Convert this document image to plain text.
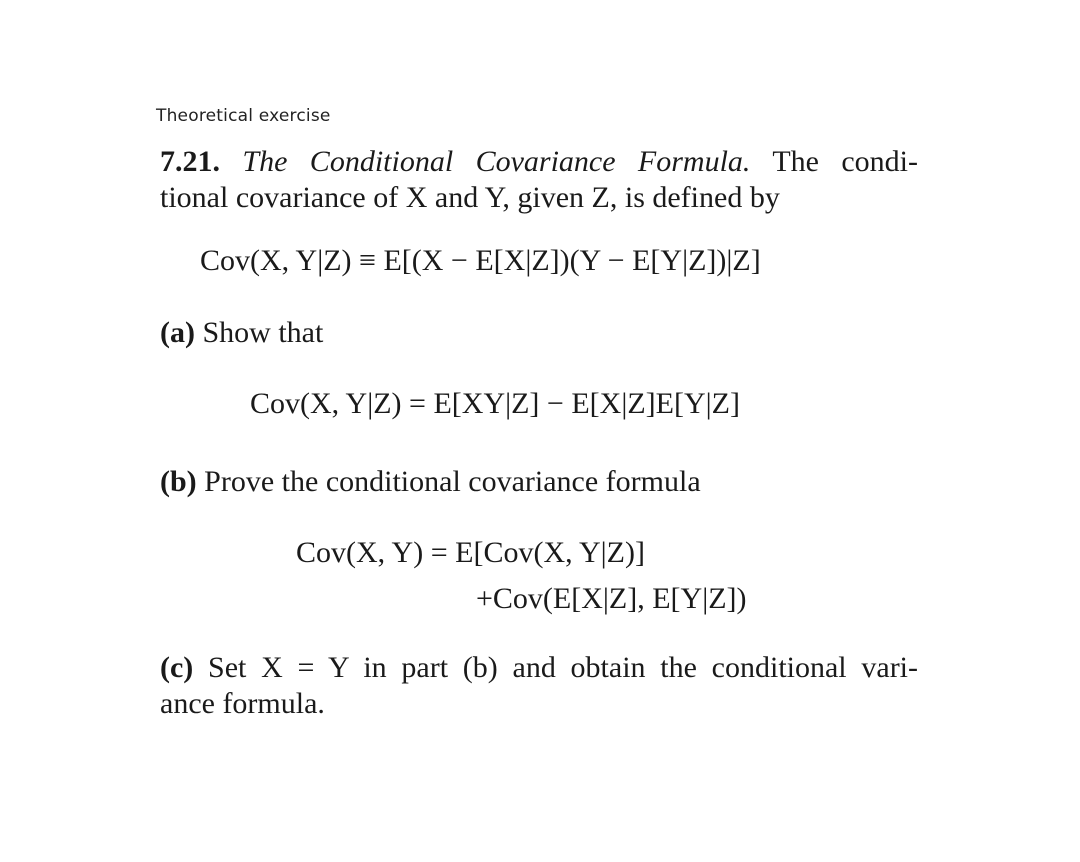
Theoretical exercise
7.21. The Conditional Covariance Formula. The condi-
tional covariance of X and Y, given Z, is defined by
Cov(X, Y|Z) ≡ E[(X − E[X|Z])(Y − E[Y|Z])|Z]
(a) Show that
Cov(X, Y|Z) = E[XY|Z] − E[X|Z]E[Y|Z]
(b) Prove the conditional covariance formula
Cov(X, Y) = E[Cov(X, Y|Z)]
+Cov(E[X|Z], E[Y|Z])
(c) Set X = Y in part (b) and obtain the conditional vari-
ance formula.
